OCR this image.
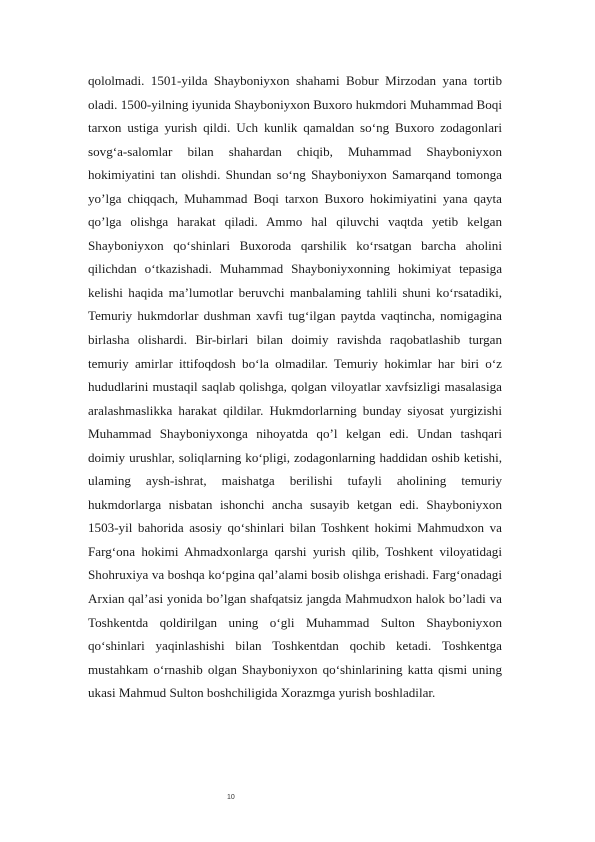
qololmadi. 1501-yilda Shayboniyxon shahami Bobur Mirzodan yana tortib oladi. 1500-yilning iyunida Shayboniyxon Buxoro hukmdori Muhammad Boqi tarxon ustiga yurish qildi. Uch kunlik qamaldan so‘ng Buxoro zodagonlari sovg‘a-salomlar bilan shahardan chiqib, Muhammad Shayboniyxon hokimiyatini tan olishdi. Shundan so‘ng Shayboniyxon Samarqand tomonga yo’lga chiqqach, Muhammad Boqi tarxon Buxoro hokimiyatini yana qayta qo’lga olishga harakat qiladi. Ammo hal qiluvchi vaqtda yetib kelgan Shayboniyxon qo‘shinlari Buxoroda qarshilik ko‘rsatgan barcha aholini qilichdan o‘tkazishadi. Muhammad Shayboniyxonning hokimiyat tepasiga kelishi haqida ma’lumotlar beruvchi manbalaming tahlili shuni ko‘rsatadiki, Temuriy hukmdorlar dushman xavfi tug‘ilgan paytda vaqtincha, nomigagina birlasha olishardi. Bir-birlari bilan doimiy ravishda raqobatlashib turgan temuriy amirlar ittifoqdosh bo‘la olmadilar. Temuriy hokimlar har biri o‘z hududlarini mustaqil saqlab qolishga, qolgan viloyatlar xavfsizligi masalasiga aralashmaslikka harakat qildilar. Hukmdorlarning bunday siyosat yurgizishi Muhammad Shayboniyxonga nihoyatda qo’l kelgan edi. Undan tashqari doimiy urushlar, soliqlarning ko‘pligi, zodagonlarning haddidan oshib ketishi, ulaming aysh-ishrat, maishatga berilishi tufayli aholining temuriy hukmdorlarga nisbatan ishonchi ancha susayib ketgan edi. Shayboniyxon 1503-yil bahorida asosiy qo‘shinlari bilan Toshkent hokimi Mahmudxon va Farg‘ona hokimi Ahmadxonlarga qarshi yurish qilib, Toshkent viloyatidagi Shohruxiya va boshqa ko‘pgina qal’alami bosib olishga erishadi. Farg‘onadagi Arxian qal’asi yonida bo’lgan shafqatsiz jangda Mahmudxon halok bo’ladi va Toshkentda qoldirilgan uning o‘gli Muhammad Sulton Shayboniyxon qo‘shinlari yaqinlashishi bilan Toshkentdan qochib ketadi. Toshkentga mustahkam o‘rnashib olgan Shayboniyxon qo‘shinlarining katta qismi uning ukasi Mahmud Sulton boshchiligida Xorazmga yurish boshladilar.

10
